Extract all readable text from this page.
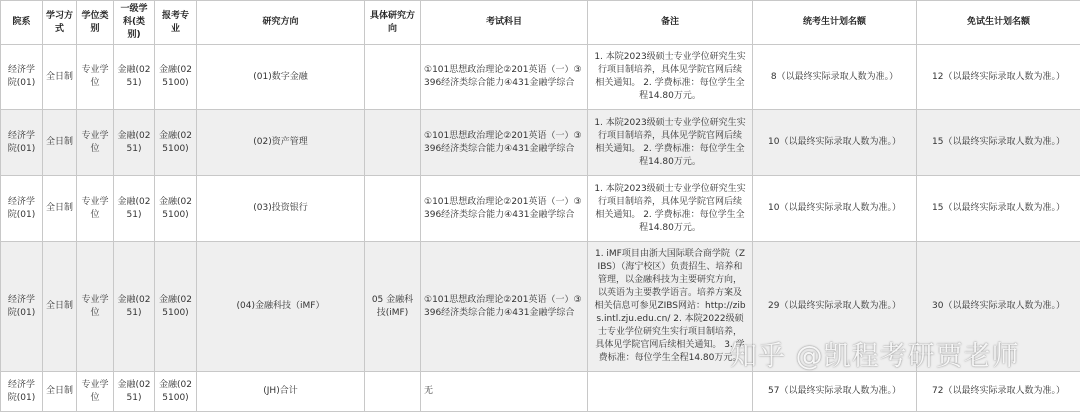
院系	学习方式	学位类别	一级学科(类别)	报考专业	研究方向	具体研究方向	考试科目	备注	统考生计划名额	免试生计划名额
经济学院(01)	全日制	专业学位	金融(0251)	金融(025100)	(01)数字金融		①101思想政治理论②201英语（一）③396经济类综合能力④431金融学综合	1. 本院2023级硕士专业学位研究生实行项目制培养，具体见学院官网后续相关通知。 2. 学费标准：每位学生全程14.80万元。	8（以最终实际录取人数为准。）	12（以最终实际录取人数为准。）
经济学院(01)	全日制	专业学位	金融(0251)	金融(025100)	(02)资产管理		①101思想政治理论②201英语（一）③396经济类综合能力④431金融学综合	1. 本院2023级硕士专业学位研究生实行项目制培养，具体见学院官网后续相关通知。 2. 学费标准：每位学生全程14.80万元。	10（以最终实际录取人数为准。）	15（以最终实际录取人数为准。）
经济学院(01)	全日制	专业学位	金融(0251)	金融(025100)	(03)投资银行		①101思想政治理论②201英语（一）③396经济类综合能力④431金融学综合	1. 本院2023级硕士专业学位研究生实行项目制培养，具体见学院官网后续相关通知。 2. 学费标准：每位学生全程14.80万元。	10（以最终实际录取人数为准。）	15（以最终实际录取人数为准。）
经济学院(01)	全日制	专业学位	金融(0251)	金融(025100)	(04)金融科技（iMF）	05 金融科技(iMF)	①101思想政治理论②201英语（一）③396经济类综合能力④431金融学综合	1. iMF项目由浙大国际联合商学院（ZIBS）（海宁校区）负责招生、培养和管理，以金融科技为主要研究方向，以英语为主要教学语言。培养方案及相关信息可参见ZIBS网站：http://zibs.intl.zju.edu.cn/ 2. 本院2022级硕士专业学位研究生实行项目制培养，具体见学院官网后续相关通知。 3. 学费标准：每位学生全程14.80万元。	29（以最终实际录取人数为准。）	30（以最终实际录取人数为准。）
经济学院(01)	全日制	专业学位	金融(0251)	金融(025100)	(JH)合计		无		57（以最终实际录取人数为准。）	72（以最终实际录取人数为准。）
知乎 @凯程考研贾老师
